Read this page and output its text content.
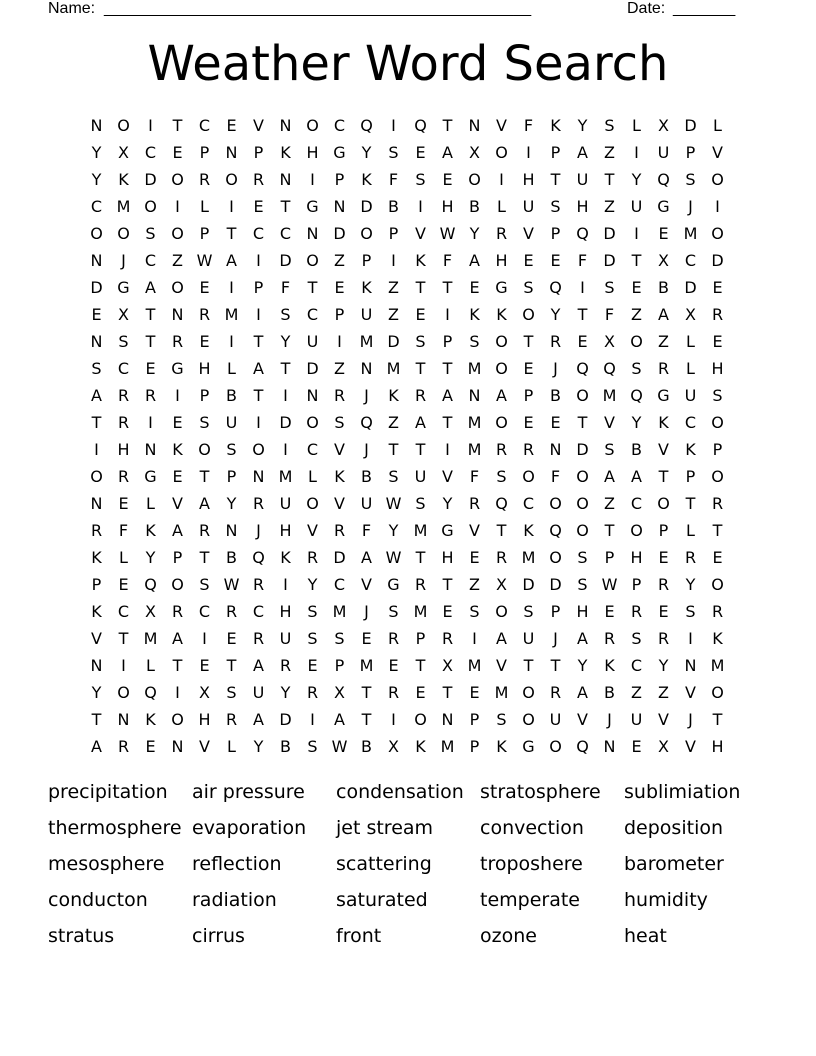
Name: ________________________________________________	Date: _______
Weather Word Search
N O	I	T	C	E	V N O C Q	I	Q T	N V	F	K	Y	S	L	X D	L
Y	X C	E	P	N	P	K H G Y	S	E	A	X O	I	P	A	Z	I	U	P	V
Y	K D O R O R N	I	P	K	F	S	E O	I	H	T	U	T	Y Q S O
C M O	I	L	I	E	T G N D B	I	H B	L	U	S H Z U G	J	I
O O S O P	T	C C N D O P	V W Y	R V	P Q D	I	E M O
N	J	C Z W A	I	D O Z	P	I	K	F	A H E	E	F	D T	X C D
D G A O E	I	P	F	T	E	K	Z	T	T	E G S Q	I	S	E	B D E
E	X	T	N R M	I	S	C	P	U Z	E	I	K	K O Y	T	F	Z	A	X R
N S	T	R	E	I	T	Y	U	I	M D S	P	S O T	R	E	X O Z	L	E
S	C	E G H	L	A	T D Z N M T	T M O E	J	Q Q S	R	L	H
A R R	I	P	B	T	I	N R	J	K	R A N A	P	B O M Q G U	S
T	R	I	E	S	U	I	D O S Q Z	A	T M O E	E	T	V	Y	K	C O
I	H N K O S O	I	C V	J	T	T	I	M R R N D S	B	V	K	P
O R G E	T	P	N M L	K	B	S	U V	F	S O	F	O A	A	T	P O
N E	L	V	A	Y	R U O V U W S	Y	R Q C O O Z C O T	R
R	F	K	A R N	J	H V R	F	Y M G V	T	K Q O T O P	L	T
K	L	Y	P	T	B Q K	R D A W T	H E	R M O S	P	H E	R	E
P	E Q O S W R	I	Y	C V G R	T	Z	X D D S W P	R	Y O
K	C X R C R C H S M	J	S M E	S O S	P	H E	R	E	S	R
V	T M A	I	E	R U	S	S	E	R	P	R	I	A U	J	A R	S	R	I	K
N	I	L	T	E	T	A R	E	P M E	T	X M V	T	T	Y	K	C	Y	N M
Y O Q	I	X	S	U	Y	R X	T	R	E	T	E M O R A	B	Z	Z	V O
T	N K O H R A D	I	A	T	I	O N	P	S O U V	J	U V	J	T
A R	E N V	L	Y	B	S W B	X	K M P	K G O Q N E	X	V H
precipitation	air pressure	condensation stratosphere	sublimiation
thermosphere evaporation	jet stream	convection	deposition
mesosphere	reflection	scattering	troposhere	barometer
conducton	radiation	saturated	temperate	humidity
stratus	cirrus	front	ozone	heat
